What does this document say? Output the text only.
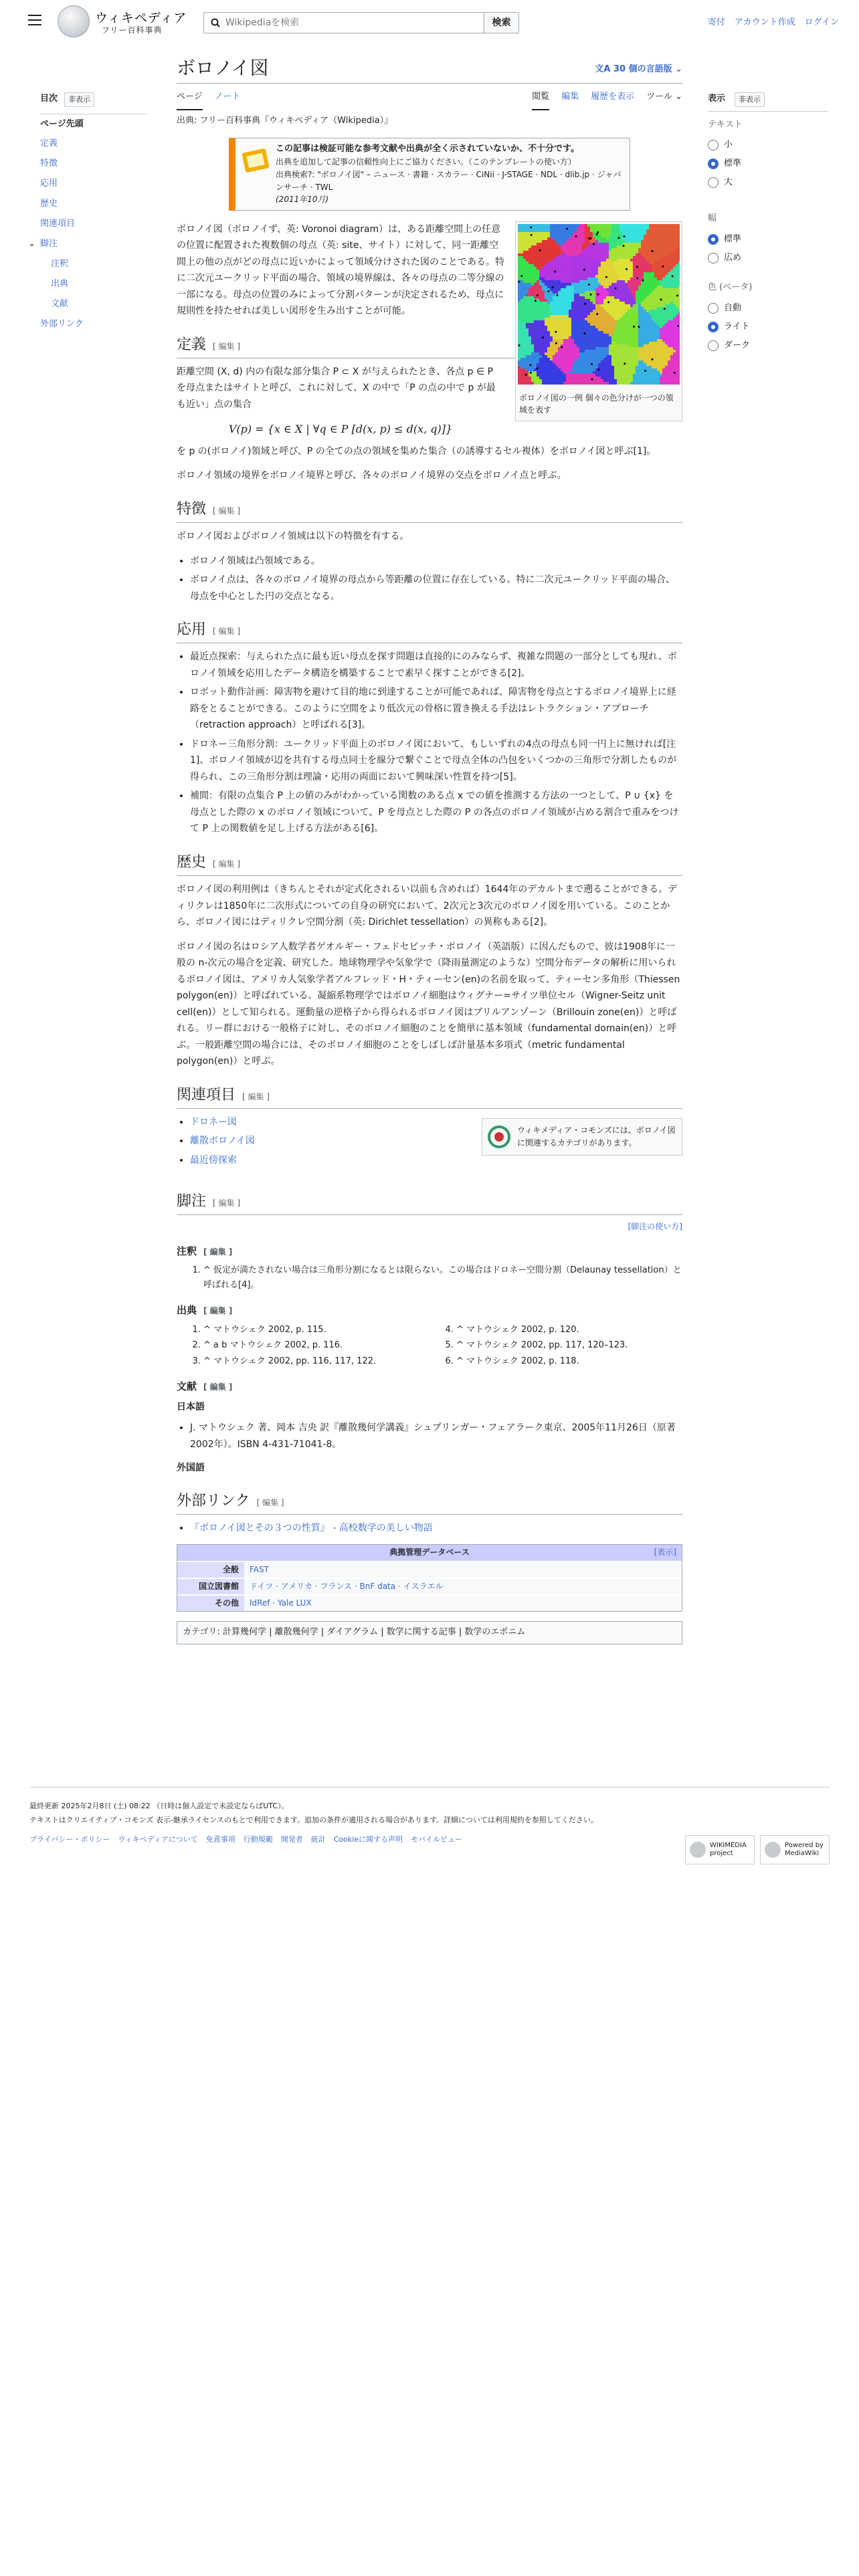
ウィキペディア
フリー百科事典
Wikipediaを検索	検索	寄付 アカウント作成 ログイン
目次	非表示
ページ先頭
定義
特徴
応用
歴史
関連項目
⌄ 脚注
注釈
出典
文献
外部リンク
表示	非表示
テキスト
小
標準
大
幅
標準
広め
色 (ベータ)
自動
ライト
ダーク
ボロノイ図	文A 30 個の言語版 ⌄
ページ ノート	閲覧 編集 履歴を表示 ツール ⌄
出典: フリー百科事典『ウィキペディア（Wikipedia）』
この記事は検証可能な参考文献や出典が全く示されていないか、不十分です。
出典を追加して記事の信頼性向上にご協力ください。（このテンプレートの使い方）
出典検索?: "ボロノイ図" – ニュース · 書籍 · スカラー · CiNii · J-STAGE · NDL · dlib.jp · ジャパンサーチ · TWL
(2011年10月)
ボロノイ図の一例 個々の色分けが一つの領域を表す

ボロノイ図（ボロノイず、英: Voronoi diagram）は、ある距離空間上の任意の位置に配置された複数個の母点（英: site、サイト）に対して、同一距離空間上の他の点がどの母点に近いかによって領域分けされた図のことである。特に二次元ユークリッド平面の場合、領域の境界線は、各々の母点の二等分線の一部になる。母点の位置のみによって分割パターンが決定されるため、母点に規則性を持たせれば美しい図形を生み出すことが可能。

定義 [ 編集 ]

距離空間 (X, d) 内の有限な部分集合 P ⊂ X が与えられたとき、各点 p ∈ P を母点またはサイトと呼び、これに対して、X の中で「P の点の中で p が最も近い」点の集合

V(p) = {x ∈ X | ∀q ∈ P [d(x, p) ≤ d(x, q)]}

を p の(ボロノイ)領域と呼び、P の全ての点の領域を集めた集合（の誘導するセル複体）をボロノイ図と呼ぶ[1]。

ボロノイ領域の境界をボロノイ境界と呼び、各々のボロノイ境界の交点をボロノイ点と呼ぶ。

特徴 [ 編集 ]

ボロノイ図およびボロノイ領域は以下の特徴を有する。

• ボロノイ領域は凸領域である。
• ボロノイ点は、各々のボロノイ境界の母点から等距離の位置に存在している。特に二次元ユークリッド平面の場合、母点を中心とした円の交点となる。
応用 [ 編集 ]
• 最近点探索：与えられた点に最も近い母点を探す問題は直接的にのみならず、複雑な問題の一部分としても現れ、ボロノイ領域を応用したデータ構造を構築することで素早く探すことができる[2]。
• ロボット動作計画：障害物を避けて目的地に到達することが可能であれば、障害物を母点とするボロノイ境界上に経路をとることができる。このように空間をより低次元の骨格に置き換える手法はレトラクション・アプローチ（retraction approach）と呼ばれる[3]。
• ドロネー三角形分割：ユークリッド平面上のボロノイ図において、もしいずれの4点の母点も同一円上に無ければ[注 1]、ボロノイ領域が辺を共有する母点同士を線分で繋ぐことで母点全体の凸包をいくつかの三角形で分割したものが得られ、この三角形分割は理論・応用の両面において興味深い性質を持つ[5]。
• 補間：有限の点集合 P 上の値のみがわかっている関数のある点 x での値を推測する方法の一つとして、P ∪ {x} を母点とした際の x のボロノイ領域について、P を母点とした際の P の各点のボロノイ領域が占める割合で重みをつけて P 上の関数値を足し上げる方法がある[6]。
歴史 [ 編集 ]

ボロノイ図の利用例は（きちんとそれが定式化されるい以前も含めれば）1644年のデカルトまで遡ることができる。ディリクレは1850年に二次形式についての自身の研究において、2次元と3次元のボロノイ図を用いている。このことから、ボロノイ図にはディリクレ空間分割（英: Dirichlet tessellation）の異称もある[2]。

ボロノイ図の名はロシア人数学者ゲオルギー・フェドセビッチ・ボロノイ（英語版）に因んだもので、彼は1908年に一般の n-次元の場合を定義、研究した。地球物理学や気象学で（降雨量測定のような）空間分布データの解析に用いられるボロノイ図は、アメリカ人気象学者アルフレッド・H・ティーセン(en)の名前を取って、ティーセン多角形（Thiessen polygon(en)）と呼ばれている。凝縮系物理学ではボロノイ細胞はウィグナー=サイツ単位セル（Wigner-Seitz unit cell(en)）として知られる。運動量の逆格子から得られるボロノイ図はブリルアンゾーン（Brillouin zone(en)）と呼ばれる。リー群における一般格子に対し、そのボロノイ細胞のことを簡単に基本領域（fundamental domain(en)）と呼ぶ。一般距離空間の場合には、そのボロノイ細胞のことをしばしば計量基本多項式（metric fundamental polygon(en)）と呼ぶ。

関連項目 [ 編集 ]
ウィキメディア・コモンズには、ボロノイ図に関連するカテゴリがあります。
• ドロネー図
• 離散ボロノイ図
• 最近傍探索
脚注 [ 編集 ]
[脚注の使い方]
注釈 [ 編集 ]
1. ^ 仮定が満たされない場合は三角形分割になるとは限らない。この場合はドロネー空間分割（Delaunay tessellation）と呼ばれる[4]。
出典 [ 編集 ]
1. ^ マトウシェク 2002, p. 115.
2. ^ a b マトウシェク 2002, p. 116.
3. ^ マトウシェク 2002, pp. 116, 117, 122.
4. ^ マトウシェク 2002, p. 120.
5. ^ マトウシェク 2002, pp. 117, 120–123.
6. ^ マトウシェク 2002, p. 118.
文献 [ 編集 ]
日本語
• J. マトウシェク 著、岡本 吉央 訳『離散幾何学講義』シュプリンガー・フェアラーク東京、2005年11月26日（原著2002年）。ISBN 4-431-71041-8。
外国語
外部リンク [ 編集 ]
• 『ボロノイ図とその３つの性質』 - 高校数学の美しい物語
典拠管理データベース	[表示]
全般	FAST
国立図書館	ドイツ · アメリカ · フランス · BnF data · イスラエル
その他	IdRef · Yale LUX
カテゴリ: 計算幾何学 | 離散幾何学 | ダイアグラム | 数学に関する記事 | 数学のエポニム
最終更新 2025年2月8日 (土) 08:22 （日時は個人設定で未設定ならばUTC）。
テキストはクリエイティブ・コモンズ 表示-継承ライセンスのもとで利用できます。追加の条件が適用される場合があります。詳細については利用規約を参照してください。
プライバシー・ポリシー ウィキペディアについて 免責事項 行動規範 開発者 統計 Cookieに関する声明 モバイルビュー
WIKIMEDIA project
Powered by MediaWiki
